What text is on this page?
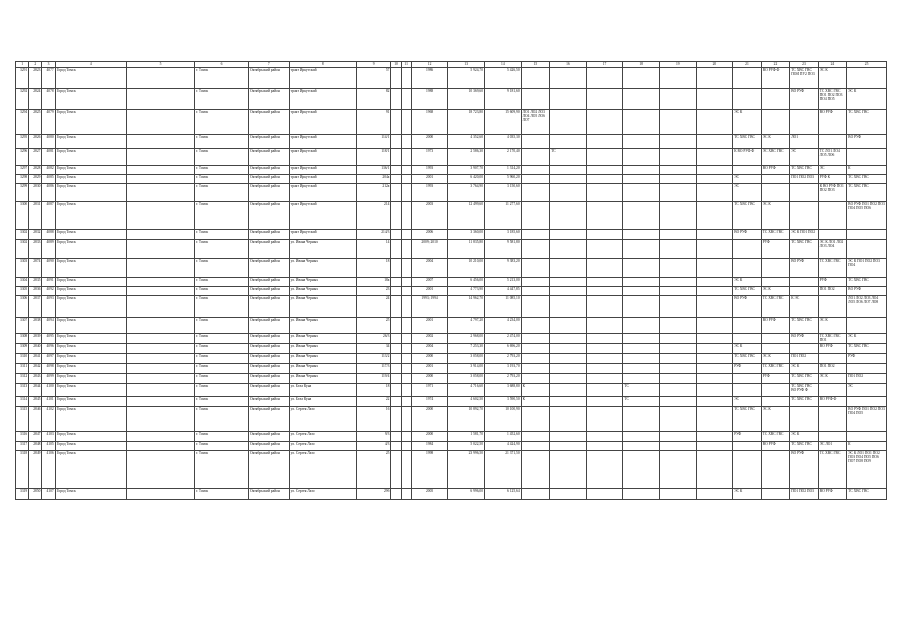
1	2	3	4	5	6	7	8	9	10	11	12	13	14	15	16	17	18	19	20	21	22	23	24	25
3291	2823	4077	Город Томск		г. Томск	Октябрьский район	тракт Иркутский	57			1986	5 924,70	5 426,50								ВО РУФ Ф	ТС ХВС ГВС ПОИ ПУ2 ПО3	ЭС К	
3292	2824	4078	Город Томск		г. Томск	Октябрьский район	тракт Иркутский	82			1988	10 369,60	9 181,60									ВО РУФ	ТС ХВС ГВС ПО1 ПО2 ПО3 ПО4 ПО5	ЭС К
3294	2825	4079	Город Томск		г. Томск	Октябрьский район	тракт Иркутский	91			1968	18 723,80	15 609,90	ЛО1 ЛО2 ЛО3 ЛО4 ЛО5 ЛО6 ЛО7						ЭС К			ВО РУФ	ТС ХВС ГВС
3295	2826	4080	Город Томск		г. Томск	Октябрьский район	тракт Иркутский	114/1			2000	4 352,60	4 035,30							ТС ХВС ГВС	ЭС К	ЛО1		ВО РУФ
3296	2827	4081	Город Томск		г. Томск	Октябрьский район	тракт Иркутский	118/1			1973	2 586,30	2 170,40		ТС					К ВО РУФ Ф	ЭС ХВС ГВС	ЭС	ТС ЛО1 ЛО4 ЛО5 ЛО6	
3297	2828	4082	Город Томск		г. Томск	Октябрьский район	тракт Иркутский	136/1			1993	3 907,70	1 314,20								ВО РУФ	ТС ХВС ГВС	ЭС	К
3298	2829	4085	Город Томск		г. Томск	Октябрьский район	тракт Иркутский	204а			2001	6 420,00	5 960,20							ЭС		ПО1 ПО2 ПО3	РУФ К	ТС ХВС ГВС
3299	2830	4086	Город Томск		г. Томск	Октябрьский район	тракт Иркутский	212а			1993	3 764,90	3 150,60							ЭС			К ВО РУФ ПО1 ПО2 ПО3	ТС ХВС ГВС
3300	2831	4087	Город Томск		г. Томск	Октябрьский район	тракт Иркутский	214			2003	12 499,60	11 277,60							ТС ХВС ГВС	ЭС К			ВО РУФ ПО1 ПО2 ПО3 ПО4 ПО5 ПО6
3302	2832	4088	Город Томск		г. Томск	Октябрьский район	тракт Иркутский	214/3			2006	3 360,00	3 185,60							ВО РУФ	ТС ХВС ГВС	ЭС К ПО1 ПО2		
3302	2833	4089	Город Томск		г. Томск	Октябрьский район	ул. Ивана Черных	14			2009; 2010	11 835,80	9 581,80								РУФ	ТС ХВС ГВС	ЭС К ЛО1 ЛО2 ЛО3 ЛО4	
3303	2874	4090	Город Томск		г. Томск	Октябрьский район	ул. Ивана Черных	18			2004	10 210,00	9 383,20									ВО РУФ	ТС ХВС ГВС	ЭС К ПО1 ПО2 ПО3 ПО4
3304	2835	4091	Город Томск		г. Томск	Октябрьский район	ул. Ивана Черных	18а			2007	6 456,00	5 213,00							ЭС К			РУФ	ТС ХВС ГВС
3305	2836	4092	Город Томск		г. Томск	Октябрьский район	ул. Ивана Черных	23			2001	4 773,90	4 447,85							ТС ХВС ГВС	ЭС К		ПО1 ПО2	ВО РУФ
3306	2837	4093	Город Томск		г. Томск	Октябрьский район	ул. Ивана Черных	24			1993; 1994	14 962,70	11 085,10							ВО РУФ	ТС ХВС ГВС	К ЭС		ЛО1 ЛО2 ЛО3 ЛО4 ЛО5 ЛО6 ЛО7 ЛО8
3307	2838	4094	Город Томск		г. Томск	Октябрьский район	ул. Ивана Черных	25			2001	4 797,20	4 234,00								ВО РУФ	ТС ХВС ГВС	ЭС К	
3308	2839	4095	Город Томск		г. Томск	Октябрьский район	ул. Ивана Черных	26/3			2002	2 968,00	2 474,00									ВО РУФ	ТС ХВС ГВС ПО1	ЭС К
3309	2840	4096	Город Томск		г. Томск	Октябрьский район	ул. Ивана Черных	34			2004	7 253,30	6 696,20							ЭС К			ВО РУФ	ТС ХВС ГВС
3310	2841	4097	Город Томск		г. Томск	Октябрьский район	ул. Ивана Черных	113/2			2000	3 058,00	2 793,20							ТС ХВС ГВС	ЭС К	ПО1 ПО2		РУФ
3311	2842	4098	Город Томск		г. Томск	Октябрьский район	ул. Ивана Черных	117/3			2001	3 914,00	3 193,70							РУФ	ТС ХВС ГВС	ЭС К	ПО1 ПО2	
3312	2843	4099	Город Томск		г. Томск	Октябрьский район	ул. Ивана Черных	119/4			2000	3 058,00	2 793,20								РУФ	ТС ХВС ГВС	ЭС К	ПО1 ПО2
3313	2844	4100	Город Томск		г. Томск	Октябрьский район	ул. Бела Куна	18			1971	4 716,60	3 688,80	К			ТС					ТС ХВС ГВС ВО РУФ Ф		ЭС
3314	2845	4101	Город Томск		г. Томск	Октябрьский район	ул. Бела Куна	22			1974	4 602,50	3 590,50	К			ТС			ЭС		ТС ХВС ГВС	ВО РУФ Ф	
3315	2846	4102	Город Томск		г. Томск	Октябрьский район	ул. Сергея Лазо	16			2000	10 892,70	10 100,90							ТС ХВС ГВС	ЭС К			ВО РУФ ПО1 ПО2 ПО3 ПО4 ПО5
3316	2847	4103	Город Томск		г. Томск	Октябрьский район	ул. Сергея Лазо	9/3			2000	1 581,70	1 452,60							РУФ	ТС ХВС ГВС	ЭС К		
3317	2848	4105	Город Томск		г. Томск	Октябрьский район	ул. Сергея Лазо	4/3			1984	5 022,50	4 424,90								ВО РУФ	ТС ХВС ГВС	ЭС ЛО1	К
3318	2849	4106	Город Томск		г. Томск	Октябрьский район	ул. Сергея Лазо	25			1998	23 996,50	21 371,50									ВО РУФ	ТС ХВС ГВС	ЭС К ЛО1 ПО1 ПО2 ПО3 ПО4 ПО5 ПО6 ПО7 ПО8 ПО9
3319	2850	4107	Город Томск		г. Томск	Октябрьский район	ул. Сергея Лазо	29б			2005	6 996,00	6 125,64							ЭС К		ПО1 ПО2 ПО3	ВО РУФ	ТС ХВС ГВС
